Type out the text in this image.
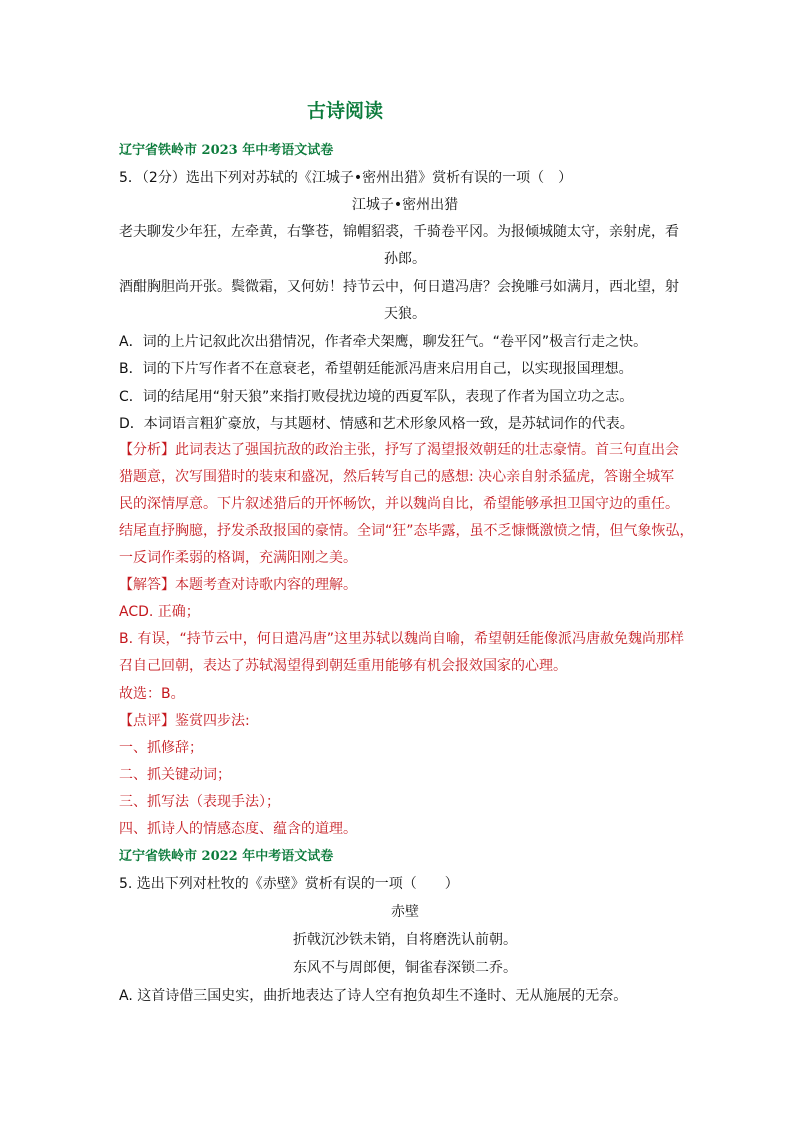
古诗阅读
辽宁省铁岭市 2023 年中考语文试卷
5．（2分）选出下列对苏轼的《江城子•密州出猎》赏析有误的一项（　）
江城子•密州出猎
老夫聊发少年狂，左牵黄，右擎苍，锦帽貂裘，千骑卷平冈。为报倾城随太守，亲射虎，看
孙郎。
酒酣胸胆尚开张。鬓微霜，又何妨！持节云中，何日遣冯唐？会挽雕弓如满月，西北望，射
天狼。
A．词的上片记叙此次出猎情况，作者牵犬架鹰，聊发狂气。“卷平冈”极言行走之快。
B．词的下片写作者不在意衰老，希望朝廷能派冯唐来启用自己，以实现报国理想。
C．词的结尾用“射天狼”来指打败侵扰边境的西夏军队，表现了作者为国立功之志。
D．本词语言粗犷豪放，与其题材、情感和艺术形象风格一致，是苏轼词作的代表。
【分析】此词表达了强国抗敌的政治主张，抒写了渴望报效朝廷的壮志豪情。首三句直出会
猎题意，次写围猎时的装束和盛况，然后转写自己的感想: 决心亲自射杀猛虎，答谢全城军
民的深情厚意。下片叙述猎后的开怀畅饮，并以魏尚自比，希望能够承担卫国守边的重任。
结尾直抒胸臆，抒发杀敌报国的豪情。全词“狂”态毕露，虽不乏慷慨激愤之情，但气象恢弘，
一反词作柔弱的格调，充满阳刚之美。
【解答】本题考查对诗歌内容的理解。
ACD. 正确；
B. 有误，“持节云中，何日遣冯唐”这里苏轼以魏尚自喻，希望朝廷能像派冯唐赦免魏尚那样
召自己回朝，表达了苏轼渴望得到朝廷重用能够有机会报效国家的心理。
故选：B。
【点评】鉴赏四步法:
一、抓修辞；
二、抓关键动词；
三、抓写法（表现手法）；
四、抓诗人的情感态度、蕴含的道理。
辽宁省铁岭市 2022 年中考语文试卷
5. 选出下列对杜牧的《赤壁》赏析有误的一项（　　）
赤壁
折戟沉沙铁未销，自将磨洗认前朝。
东风不与周郎便，铜雀春深锁二乔。
A. 这首诗借三国史实，曲折地表达了诗人空有抱负却生不逢时、无从施展的无奈。
